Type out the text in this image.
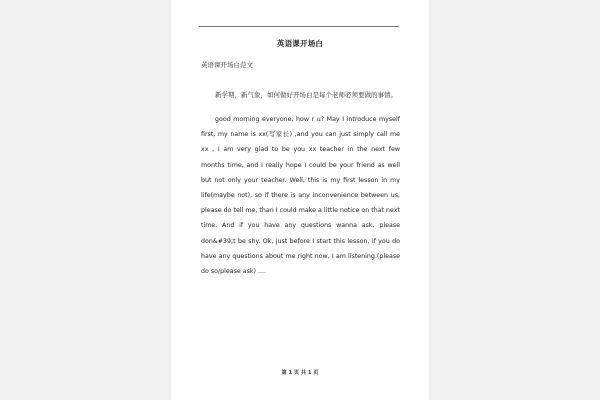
英语课开场白
英语课开场白范文
新学期，新气象，如何做好开场白是每个老师必须要做的事情。

good morning everyone, how r u? May I introduce myself first, my name is xx(写家长) ,and you can just simply call me xx , I am very glad to be you xx teacher in the next few months time, and I really hope I could be your friend as well but not only your teacher. Well, this is my first lesson in my life(maybe not), so if there is any inconvenience between us, please do tell me, than I could make a little notice on that next time. And if you have any questions wanna ask, please don&#39;t be shy. Ok, just before I start this lesson, if you do have any questions about me right now, I am listening.(please do so/please ask) ....

第 1 页 共 1 页
